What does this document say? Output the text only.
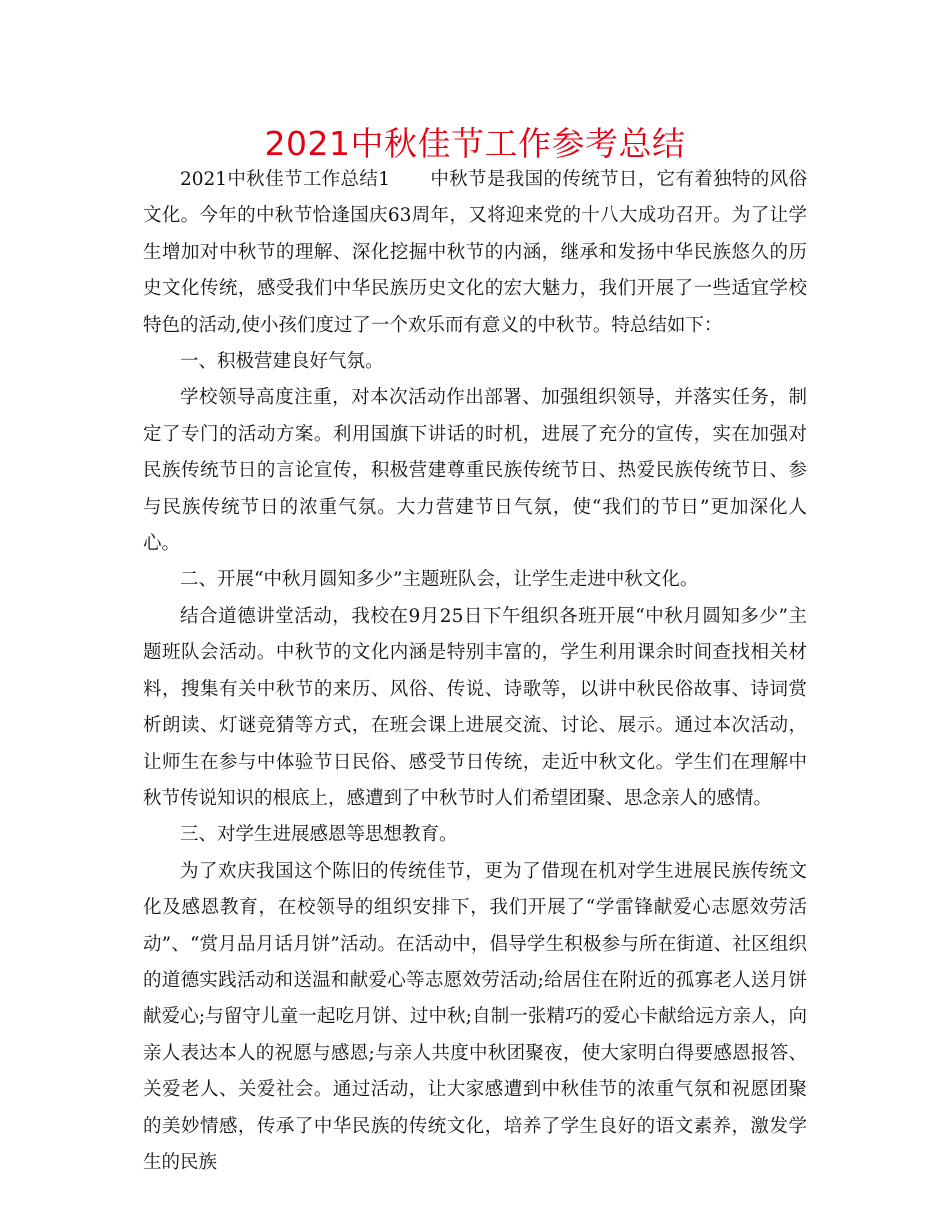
2021中秋佳节工作参考总结

2021中秋佳节工作总结1 中秋节是我国的传统节日，它有着独特的风俗文化。今年的中秋节恰逢国庆63周年，又将迎来党的十八大成功召开。为了让学生增加对中秋节的理解、深化挖掘中秋节的内涵，继承和发扬中华民族悠久的历史文化传统，感受我们中华民族历史文化的宏大魅力，我们开展了一些适宜学校特色的活动,使小孩们度过了一个欢乐而有意义的中秋节。特总结如下：

一、积极营建良好气氛。

学校领导高度注重，对本次活动作出部署、加强组织领导，并落实任务，制定了专门的活动方案。利用国旗下讲话的时机，进展了充分的宣传，实在加强对民族传统节日的言论宣传，积极营建尊重民族传统节日、热爱民族传统节日、参与民族传统节日的浓重气氛。大力营建节日气氛，使“我们的节日”更加深化人心。

二、开展“中秋月圆知多少”主题班队会，让学生走进中秋文化。

结合道德讲堂活动，我校在9月25日下午组织各班开展“中秋月圆知多少”主题班队会活动。中秋节的文化内涵是特别丰富的，学生利用课余时间查找相关材料，搜集有关中秋节的来历、风俗、传说、诗歌等，以讲中秋民俗故事、诗词赏析朗读、灯谜竞猜等方式，在班会课上进展交流、讨论、展示。通过本次活动，让师生在参与中体验节日民俗、感受节日传统，走近中秋文化。学生们在理解中秋节传说知识的根底上，感遭到了中秋节时人们希望团聚、思念亲人的感情。

三、对学生进展感恩等思想教育。

为了欢庆我国这个陈旧的传统佳节，更为了借现在机对学生进展民族传统文化及感恩教育，在校领导的组织安排下，我们开展了“学雷锋献爱心志愿效劳活动”、“赏月品月话月饼”活动。在活动中，倡导学生积极参与所在街道、社区组织的道德实践活动和送温和献爱心等志愿效劳活动;给居住在附近的孤寡老人送月饼献爱心;与留守儿童一起吃月饼、过中秋;自制一张精巧的爱心卡献给远方亲人，向亲人表达本人的祝愿与感恩;与亲人共度中秋团聚夜，使大家明白得要感恩报答、关爱老人、关爱社会。通过活动，让大家感遭到中秋佳节的浓重气氛和祝愿团聚的美妙情感，传承了中华民族的传统文化，培养了学生良好的语文素养，激发学生的民族
